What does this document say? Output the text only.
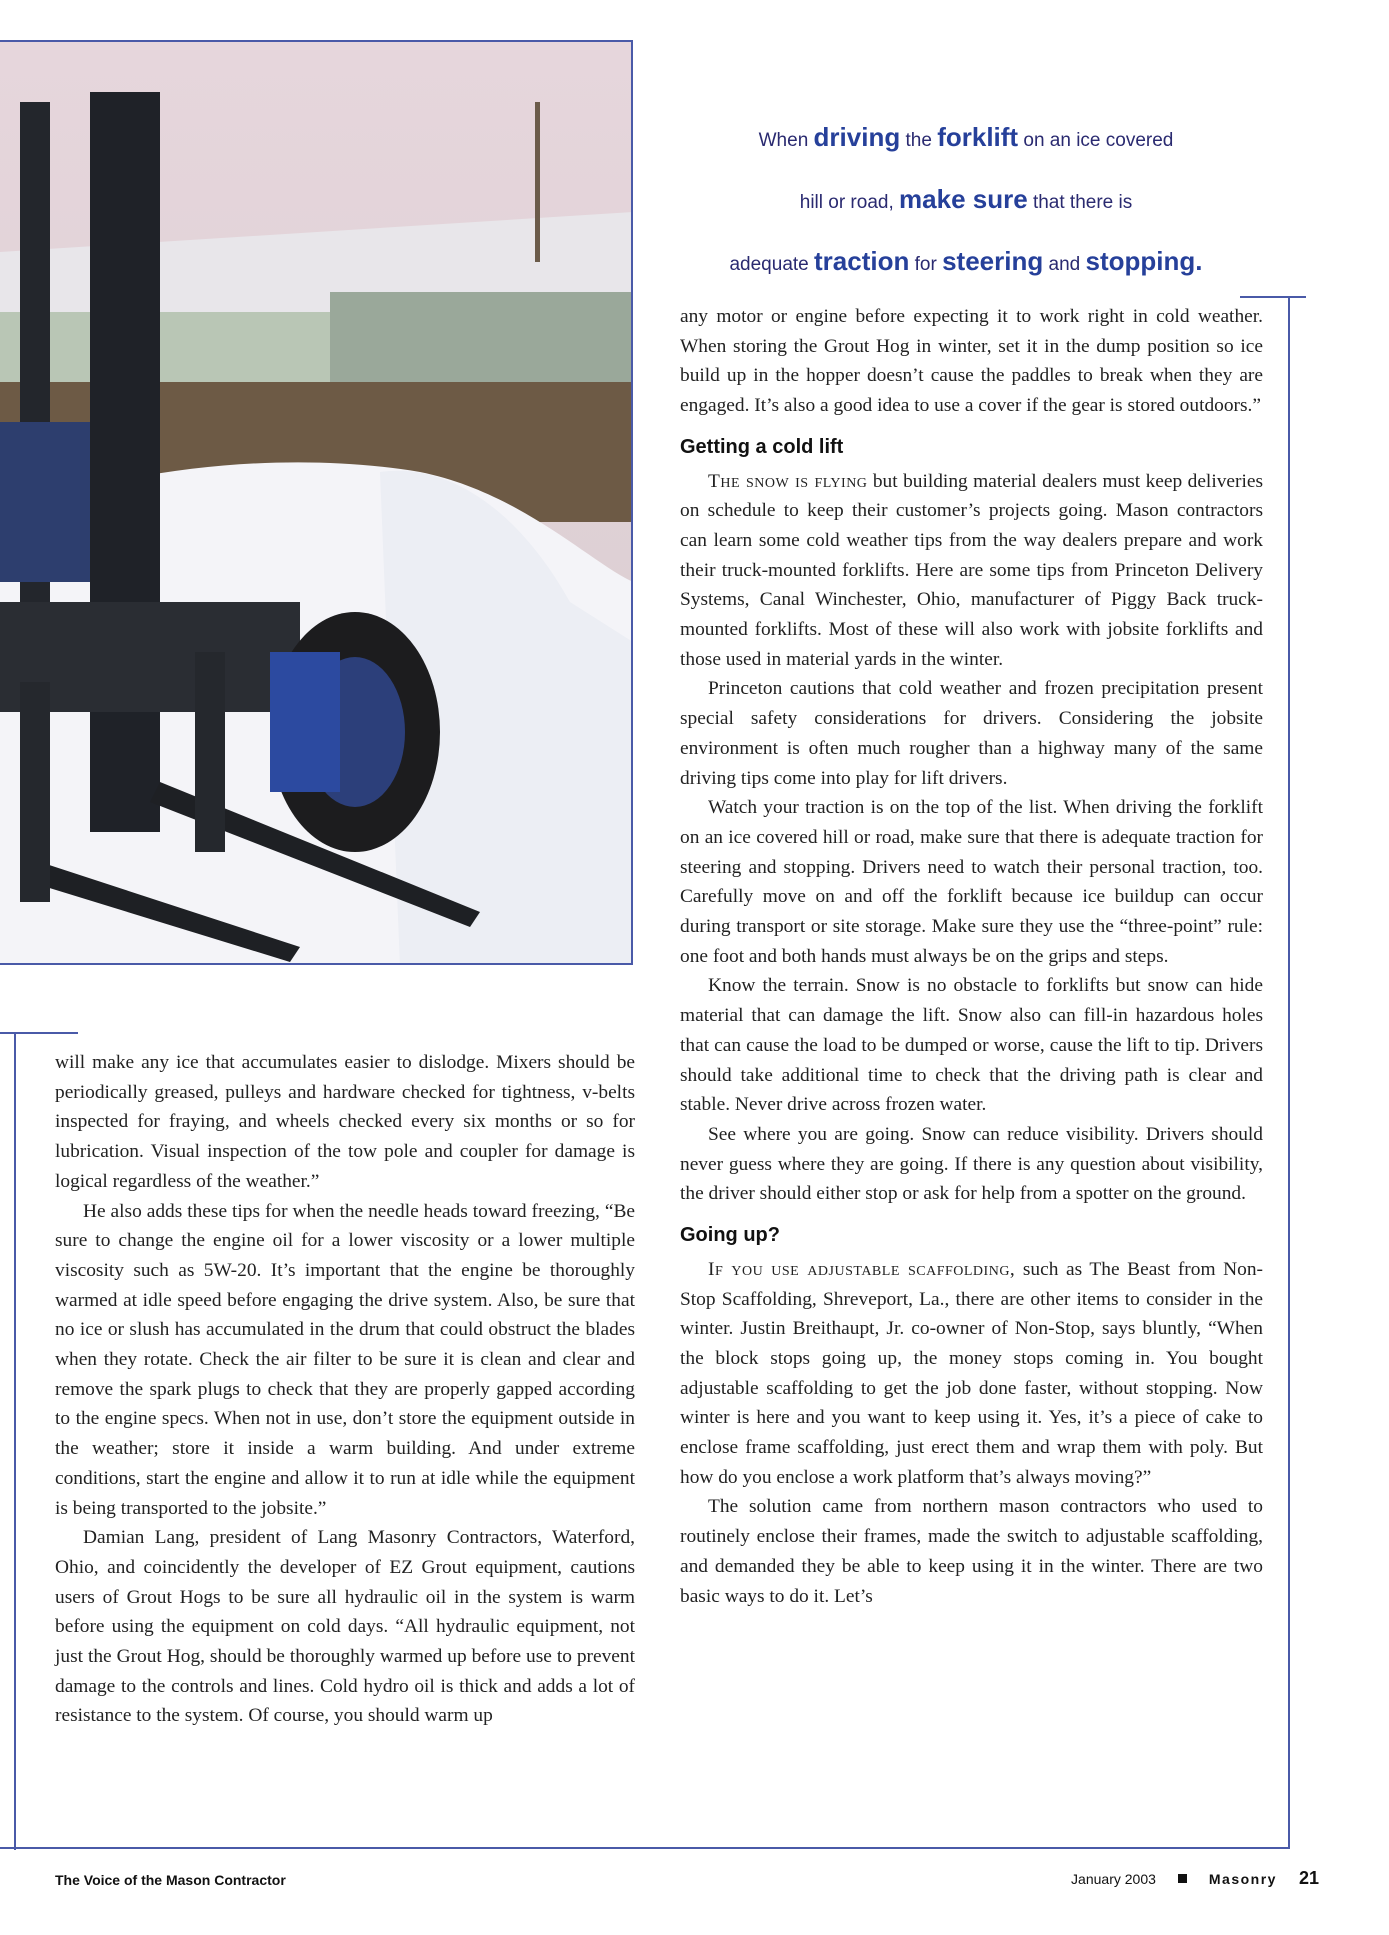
When driving the forklift on an ice covered
hill or road, make sure that there is
adequate traction for steering and stopping.

will make any ice that accumulates easier to dislodge. Mixers should be periodically greased, pulleys and hardware checked for tightness, v-belts inspected for fraying, and wheels checked every six months or so for lubrication. Visual inspection of the tow pole and coupler for damage is logical regardless of the weather.”

He also adds these tips for when the needle heads toward freezing, “Be sure to change the engine oil for a lower viscosity or a lower multiple viscosity such as 5W-20. It’s important that the engine be thoroughly warmed at idle speed before engaging the drive system. Also, be sure that no ice or slush has accumulated in the drum that could obstruct the blades when they rotate. Check the air filter to be sure it is clean and clear and remove the spark plugs to check that they are properly gapped according to the engine specs. When not in use, don’t store the equipment outside in the weather; store it inside a warm building. And under extreme conditions, start the engine and allow it to run at idle while the equipment is being transported to the jobsite.”

Damian Lang, president of Lang Masonry Contractors, Waterford, Ohio, and coincidently the developer of EZ Grout equipment, cautions users of Grout Hogs to be sure all hydraulic oil in the system is warm before using the equipment on cold days. “All hydraulic equipment, not just the Grout Hog, should be thoroughly warmed up before use to prevent damage to the controls and lines. Cold hydro oil is thick and adds a lot of resistance to the system. Of course, you should warm up

any motor or engine before expecting it to work right in cold weather. When storing the Grout Hog in winter, set it in the dump position so ice build up in the hopper doesn’t cause the paddles to break when they are engaged. It’s also a good idea to use a cover if the gear is stored outdoors.”

Getting a cold lift

The snow is flying but building material dealers must keep deliveries on schedule to keep their customer’s projects going. Mason contractors can learn some cold weather tips from the way dealers prepare and work their truck-mounted forklifts. Here are some tips from Princeton Delivery Systems, Canal Winchester, Ohio, manufacturer of Piggy Back truck-mounted forklifts. Most of these will also work with jobsite forklifts and those used in material yards in the winter.

Princeton cautions that cold weather and frozen precipitation present special safety considerations for drivers. Considering the jobsite environment is often much rougher than a highway many of the same driving tips come into play for lift drivers.

Watch your traction is on the top of the list. When driving the forklift on an ice covered hill or road, make sure that there is adequate traction for steering and stopping. Drivers need to watch their personal traction, too. Carefully move on and off the forklift because ice buildup can occur during transport or site storage. Make sure they use the “three-point” rule: one foot and both hands must always be on the grips and steps.

Know the terrain. Snow is no obstacle to forklifts but snow can hide material that can damage the lift. Snow also can fill-in hazardous holes that can cause the load to be dumped or worse, cause the lift to tip. Drivers should take additional time to check that the driving path is clear and stable. Never drive across frozen water.

See where you are going. Snow can reduce visibility. Drivers should never guess where they are going. If there is any question about visibility, the driver should either stop or ask for help from a spotter on the ground.

Going up?

If you use adjustable scaffolding, such as The Beast from Non-Stop Scaffolding, Shreveport, La., there are other items to consider in the winter. Justin Breithaupt, Jr. co-owner of Non-Stop, says bluntly, “When the block stops going up, the money stops coming in. You bought adjustable scaffolding to get the job done faster, without stopping. Now winter is here and you want to keep using it. Yes, it’s a piece of cake to enclose frame scaffolding, just erect them and wrap them with poly. But how do you enclose a work platform that’s always moving?”

The solution came from northern mason contractors who used to routinely enclose their frames, made the switch to adjustable scaffolding, and demanded they be able to keep using it in the winter. There are two basic ways to do it. Let’s

The Voice of the Mason Contractor	January 2003	Masonry 21
